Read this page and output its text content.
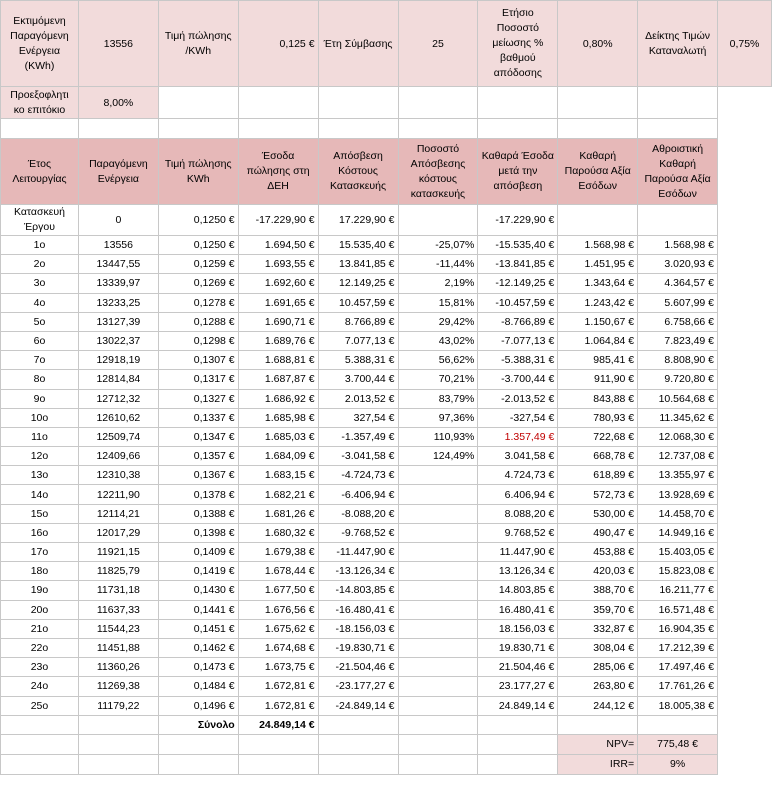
Εκτιμόμενη Παραγόμενη Ενέργεια (KWh)	13556	Τιμή πώλησης /KWh	0,125 €	Έτη Σύμβασης	25	Ετήσιο Ποσοστό μείωσης % βαθμού απόδοσης	0,80%	Δείκτης Τιμών Καταναλωτή	0,75%
Προεξοφλητι κο επιτόκιο	8,00%								

Έτος Λειτουργίας	Παραγόμενη Ενέργεια	Τιμή πώλησης KWh	Έσοδα πώλησης στη ΔΕΗ	Απόσβεση Κόστους Κατασκευής	Ποσοστό Απόσβεσης κόστους κατασκευής	Καθαρά Έσοδα μετά την απόσβεση	Καθαρή Παρούσα Αξία Εσόδων	Αθροιστική Καθαρή Παρούσα Αξία Εσόδων	
Κατασκευή Έργου	0	0,1250 €	-17.229,90 €	17.229,90 €		-17.229,90 €			
1ο	13556	0,1250 €	1.694,50 €	15.535,40 €	-25,07%	-15.535,40 €	1.568,98 €	1.568,98 €	
2ο	13447,55	0,1259 €	1.693,55 €	13.841,85 €	-11,44%	-13.841,85 €	1.451,95 €	3.020,93 €	
3ο	13339,97	0,1269 €	1.692,60 €	12.149,25 €	2,19%	-12.149,25 €	1.343,64 €	4.364,57 €	
4ο	13233,25	0,1278 €	1.691,65 €	10.457,59 €	15,81%	-10.457,59 €	1.243,42 €	5.607,99 €	
5ο	13127,39	0,1288 €	1.690,71 €	8.766,89 €	29,42%	-8.766,89 €	1.150,67 €	6.758,66 €	
6ο	13022,37	0,1298 €	1.689,76 €	7.077,13 €	43,02%	-7.077,13 €	1.064,84 €	7.823,49 €	
7ο	12918,19	0,1307 €	1.688,81 €	5.388,31 €	56,62%	-5.388,31 €	985,41 €	8.808,90 €	
8ο	12814,84	0,1317 €	1.687,87 €	3.700,44 €	70,21%	-3.700,44 €	911,90 €	9.720,80 €	
9ο	12712,32	0,1327 €	1.686,92 €	2.013,52 €	83,79%	-2.013,52 €	843,88 €	10.564,68 €	
10ο	12610,62	0,1337 €	1.685,98 €	327,54 €	97,36%	-327,54 €	780,93 €	11.345,62 €	
11ο	12509,74	0,1347 €	1.685,03 €	-1.357,49 €	110,93%	1.357,49 €	722,68 €	12.068,30 €	
12ο	12409,66	0,1357 €	1.684,09 €	-3.041,58 €	124,49%	3.041,58 €	668,78 €	12.737,08 €	
13ο	12310,38	0,1367 €	1.683,15 €	-4.724,73 €		4.724,73 €	618,89 €	13.355,97 €	
14ο	12211,90	0,1378 €	1.682,21 €	-6.406,94 €		6.406,94 €	572,73 €	13.928,69 €	
15ο	12114,21	0,1388 €	1.681,26 €	-8.088,20 €		8.088,20 €	530,00 €	14.458,70 €	
16ο	12017,29	0,1398 €	1.680,32 €	-9.768,52 €		9.768,52 €	490,47 €	14.949,16 €	
17ο	11921,15	0,1409 €	1.679,38 €	-11.447,90 €		11.447,90 €	453,88 €	15.403,05 €	
18ο	11825,79	0,1419 €	1.678,44 €	-13.126,34 €		13.126,34 €	420,03 €	15.823,08 €	
19ο	11731,18	0,1430 €	1.677,50 €	-14.803,85 €		14.803,85 €	388,70 €	16.211,77 €	
20ο	11637,33	0,1441 €	1.676,56 €	-16.480,41 €		16.480,41 €	359,70 €	16.571,48 €	
21ο	11544,23	0,1451 €	1.675,62 €	-18.156,03 €		18.156,03 €	332,87 €	16.904,35 €	
22ο	11451,88	0,1462 €	1.674,68 €	-19.830,71 €		19.830,71 €	308,04 €	17.212,39 €	
23ο	11360,26	0,1473 €	1.673,75 €	-21.504,46 €		21.504,46 €	285,06 €	17.497,46 €	
24ο	11269,38	0,1484 €	1.672,81 €	-23.177,27 €		23.177,27 €	263,80 €	17.761,26 €	
25ο	11179,22	0,1496 €	1.672,81 €	-24.849,14 €		24.849,14 €	244,12 €	18.005,38 €	
		Σύνολο	24.849,14 €						
							NPV=	775,48 €	
							IRR=	9%	
